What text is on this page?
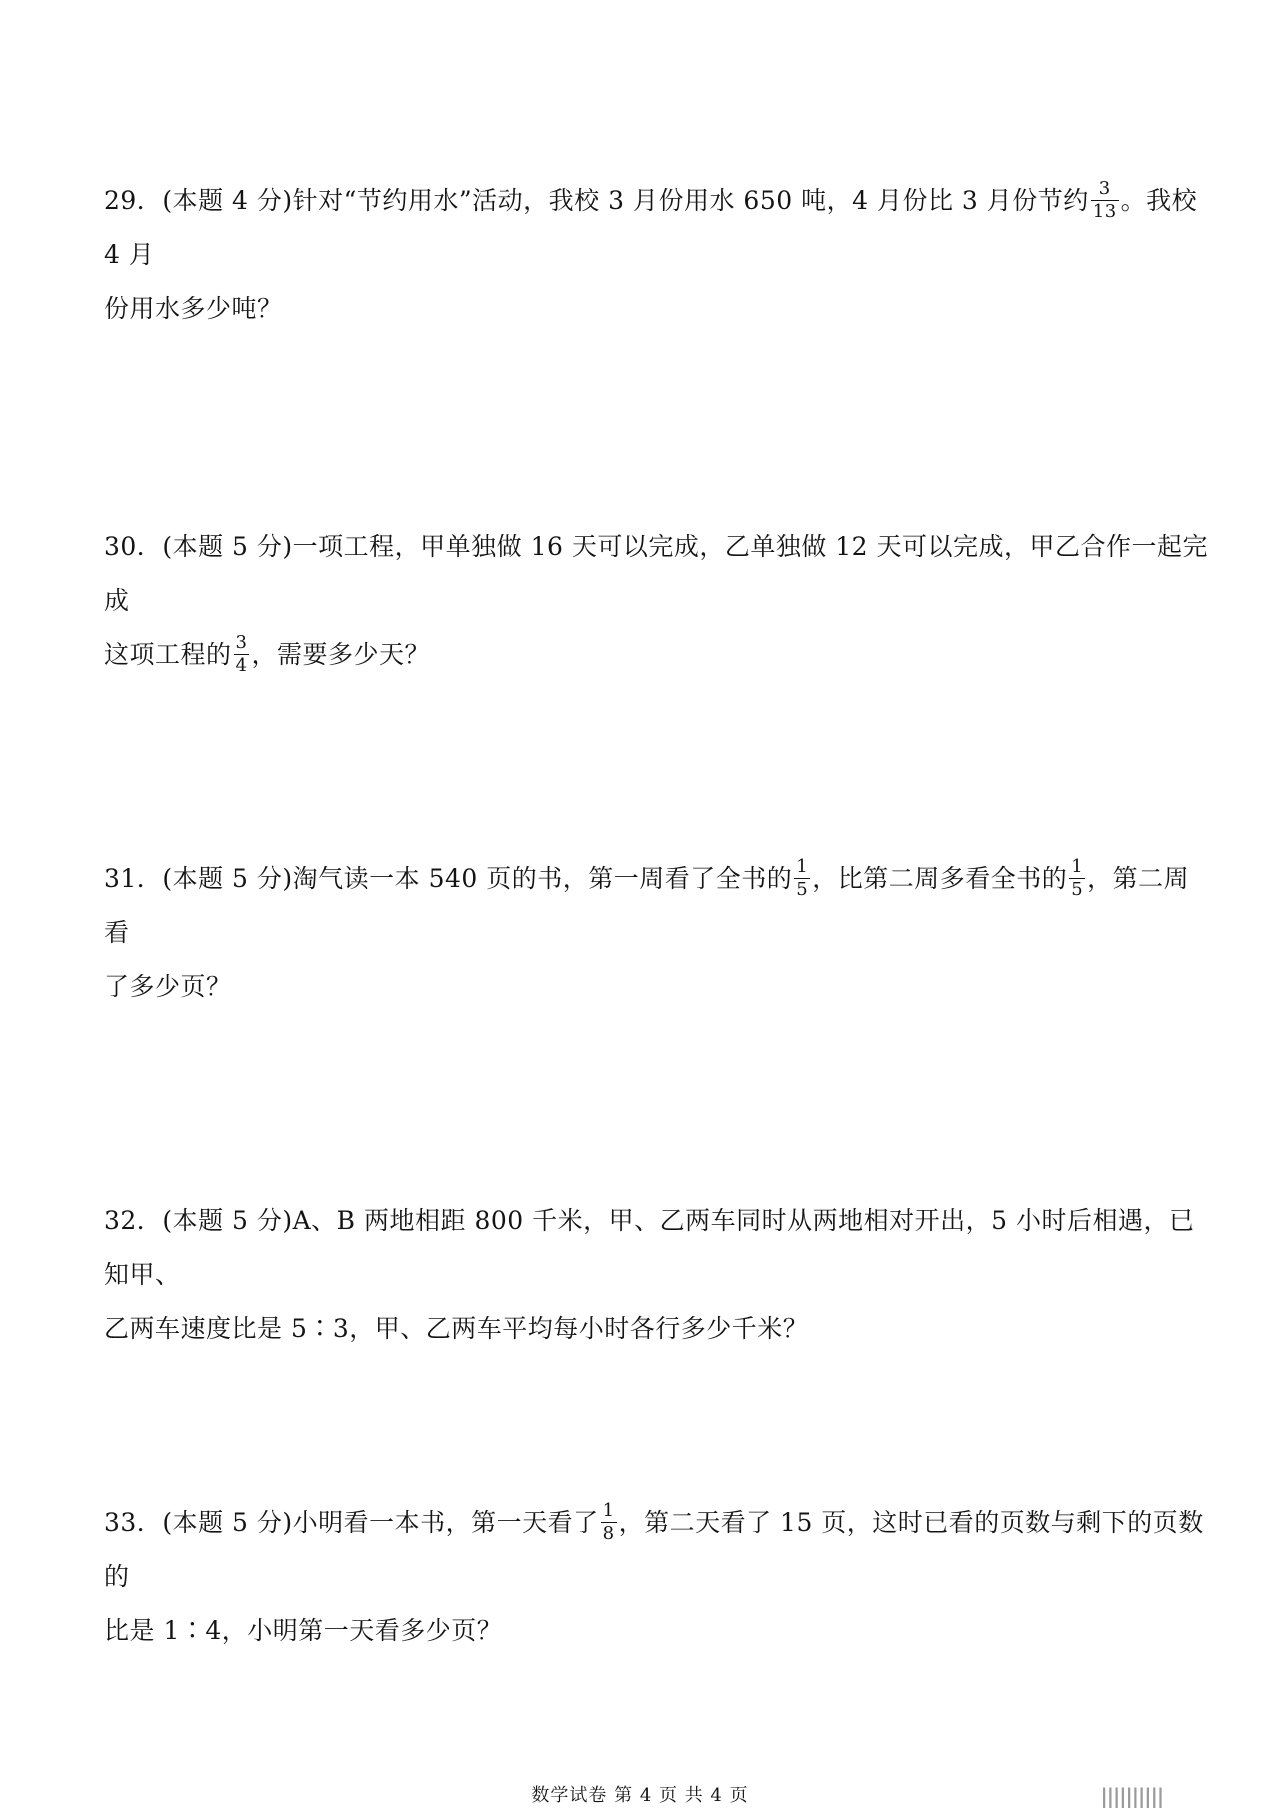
29．(本题 4 分)针对“节约用水”活动，我校 3 月份用水 650 吨，4 月份比 3 月份节约 $\frac{3}{13}$ 。我校 4 月
份用水多少吨？
30．(本题 5 分)一项工程，甲单独做 16 天可以完成，乙单独做 12 天可以完成，甲乙合作一起完成
这项工程的 $\frac{3}{4}$ ，需要多少天？
31．(本题 5 分)淘气读一本 540 页的书，第一周看了全书的 $\frac{1}{5}$ ，比第二周多看全书的 $\frac{1}{5}$ ，第二周看
了多少页？
32．(本题 5 分)A、B 两地相距 800 千米，甲、乙两车同时从两地相对开出，5 小时后相遇，已知甲、
乙两车速度比是 5∶3，甲、乙两车平均每小时各行多少千米？
33．(本题 5 分)小明看一本书，第一天看了 $\frac{1}{8}$ ，第二天看了 15 页，这时已看的页数与剩下的页数的
比是 1∶4，小明第一天看多少页？
数学试卷 第 4 页 共 4 页	ǀǀǀǀǀǀǀǀǀǀ
